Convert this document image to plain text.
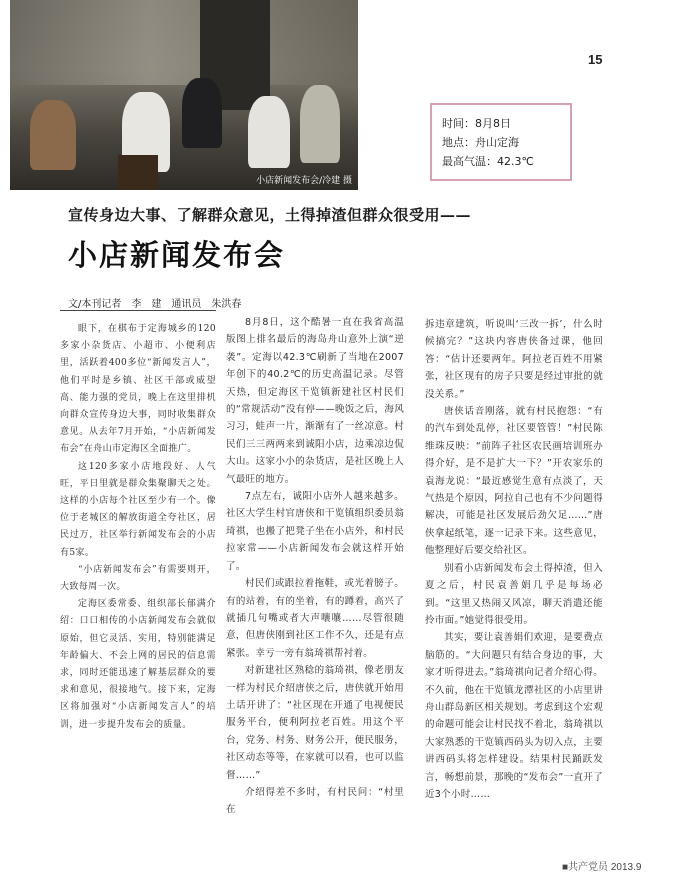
小店新闻发布会/冷建 摄
15
时间：8月8日
地点：舟山定海
最高气温：42.3℃
宣传身边大事、了解群众意见，土得掉渣但群众很受用——
小店新闻发布会
文/本刊记者　李　建　通讯员　朱洪春

眼下，在棋布于定海城乡的120多家小杂货店、小超市、小便利店里，活跃着400多位“新闻发言人”，他们平时是乡镇、社区干部或威望高、能力强的党员，晚上在这里排机向群众宣传身边大事，同时收集群众意见。从去年7月开始，“小店新闻发布会”在舟山市定海区全面推广。

这120多家小店地段好、人气旺，平日里就是群众集聚聊天之处。这样的小店每个社区至少有一个。像位于老城区的解放街道全夸社区，居民过万，社区举行新闻发布会的小店有5家。

“小店新闻发布会”有需要则开，大致每周一次。

定海区委常委、组织部长郁满介绍：口口相传的小店新闻发布会就似原始，但它灵活、实用，特别能满足年龄偏大、不会上网的居民的信息需求，同时还能迅速了解基层群众的要求和意见，很接地气。接下来，定海区将加强对“小店新闻发言人”的培训，进一步提升发布会的质量。

8月8日，这个酷暑一直在我省高温版图上排名最后的海岛舟山意外上演“逆袭”。定海以42.3℃刷新了当地在2007年创下的40.2℃的历史高温记录。尽管天热，但定海区干览镇新建社区村民们的“常规活动”没有停——晚饭之后，海风习习，蛙声一片，渐渐有了一丝凉意。村民们三三两两来到诚阳小店，边乘凉边侃大山。这家小小的杂货店，是社区晚上人气最旺的地方。

7点左右，诚阳小店外人越来越多。社区大学生村官唐侠和干览镇组织委员翁琦祺，也搬了把凳子坐在小店外，和村民拉家常——小店新闻发布会就这样开始了。

村民们或跟拉着拖鞋，或光着膀子。有的站着，有的坐着，有的蹲着，高兴了就插几句嘴或者大声嚷嚷……尽管很随意，但唐侠刚到社区工作不久，还是有点紧张。幸亏一旁有翁琦祺帮衬着。

对新建社区熟稔的翁琦祺，像老朋友一样为村民介绍唐侠之后，唐侠就开始用土话开讲了：“社区现在开通了电视便民服务平台，便利阿拉老百姓。用这个平台，党务、村务、财务公开，便民服务，社区动态等等，在家就可以看，也可以监督……”

介绍得差不多时，有村民问：“村里在

拆违章建筑，听说叫‘三改一拆’，什么时候搞完？”这块内容唐侠备过课，他回答：“估计还要两年。阿拉老百姓不用紧张，社区现有的房子只要是经过审批的就没关系。”

唐侠话音刚落，就有村民抱怨：“有的汽车到处乱停，社区要管管！”村民陈维珠反映：“前阵子社区农民画培训班办得介好，是不是扩大一下？”开农家乐的袁海龙说：“最近感觉生意有点淡了，天气热是个原因，阿拉自己也有不少问题得解决，可能是社区发展后劲欠足……”唐侠拿起纸笔，逐一记录下来。这些意见，他整理好后要交给社区。

别看小店新闻发布会土得掉渣，但入夏之后，村民袁善娟几乎是每场必到。“这里又热闹又风凉，聊天消遣还能拎市面。”她觉得很受用。

其实，要让袁善娟们欢迎，是要费点脑筋的。“大问题只有结合身边的事，大家才听得进去。”翁琦祺向记者介绍心得。不久前，他在干览镇龙潭社区的小店里讲舟山群岛新区相关规划。考虑到这个宏观的命题可能会让村民找不着北，翁琦祺以大家熟悉的干览镇西码头为切入点，主要讲西码头将怎样建设。结果村民踊跃发言，畅想前景，那晚的“发布会”一直开了近3个小时……

■共产党员 2013.9
